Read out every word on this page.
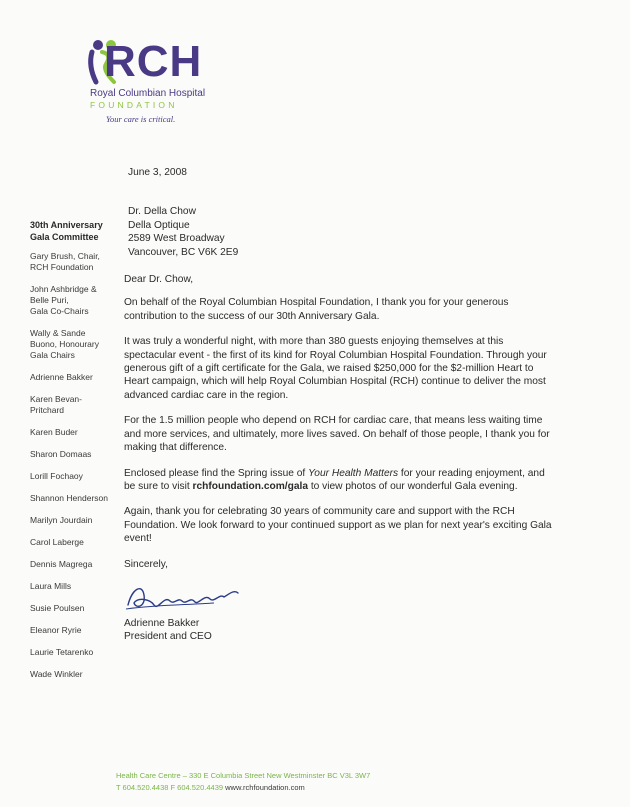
RCH
Royal Columbian Hospital
FOUNDATION
Your care is critical.
30th Anniversary
Gala Committee
Gary Brush, Chair,
RCH Foundation
John Ashbridge &
Belle Puri,
Gala Co-Chairs
Wally & Sande
Buono, Honourary
Gala Chairs
Adrienne Bakker
Karen Bevan-
Pritchard
Karen Buder
Sharon Domaas
Lorill Fochaoy
Shannon Henderson
Marilyn Jourdain
Carol Laberge
Dennis Magrega
Laura Mills
Susie Poulsen
Eleanor Ryrie
Laurie Tetarenko
Wade Winkler
June 3, 2008
Dr. Della Chow
Della Optique
2589 West Broadway
Vancouver, BC V6K 2E9
Dear Dr. Chow,
On behalf of the Royal Columbian Hospital Foundation, I thank you for your generous contribution to the success of our 30th Anniversary Gala.
It was truly a wonderful night, with more than 380 guests enjoying themselves at this spectacular event - the first of its kind for Royal Columbian Hospital Foundation. Through your generous gift of a gift certificate for the Gala, we raised $250,000 for the $2-million Heart to Heart campaign, which will help Royal Columbian Hospital (RCH) continue to deliver the most advanced cardiac care in the region.
For the 1.5 million people who depend on RCH for cardiac care, that means less waiting time and more services, and ultimately, more lives saved. On behalf of those people, I thank you for making that difference.
Enclosed please find the Spring issue of Your Health Matters for your reading enjoyment, and be sure to visit rchfoundation.com/gala to view photos of our wonderful Gala evening.
Again, thank you for celebrating 30 years of community care and support with the RCH Foundation. We look forward to your continued support as we plan for next year's exciting Gala event!
Sincerely,
Adrienne Bakker
President and CEO
Health Care Centre – 330 E Columbia Street New Westminster BC V3L 3W7
T 604.520.4438 F 604.520.4439 www.rchfoundation.com
